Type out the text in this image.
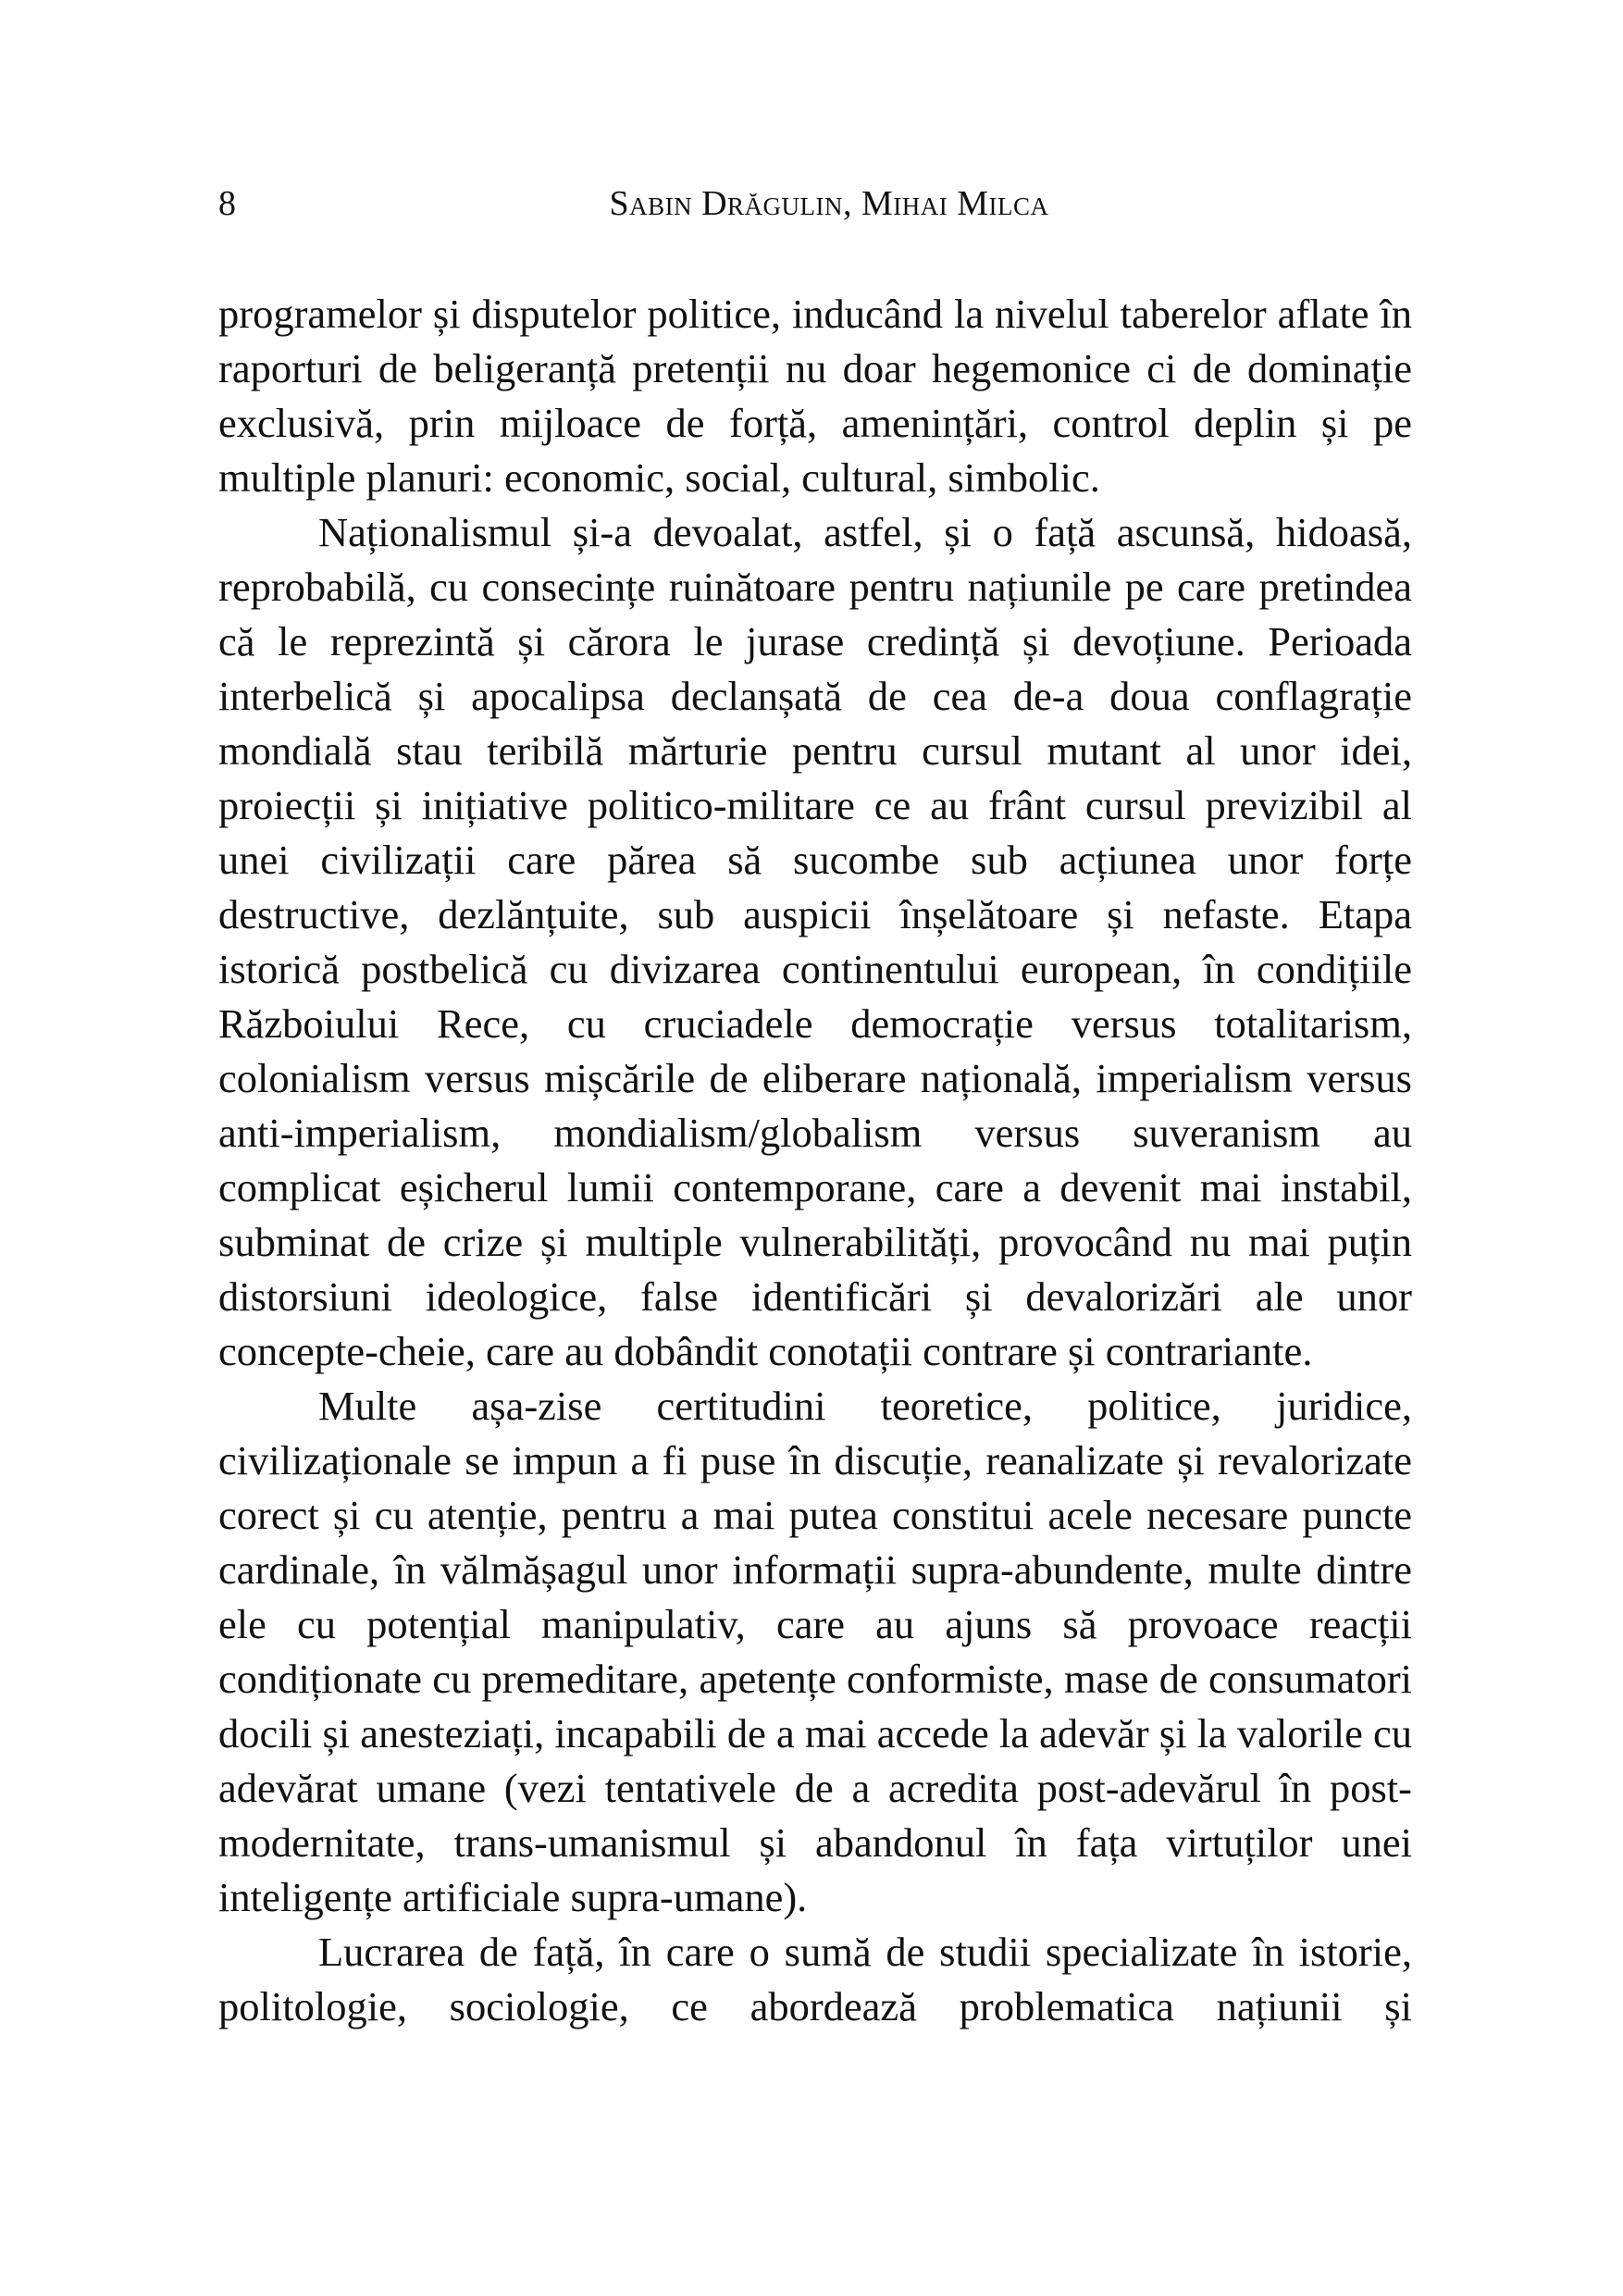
8	Sabin Drăgulin, Mihai Milca

programelor și disputelor politice, inducând la nivelul taberelor aflate în raporturi de beligeranță pretenții nu doar hegemonice ci de dominație exclusivă, prin mijloace de forță, amenințări, control deplin și pe multiple planuri: economic, social, cultural, simbolic.

Naționalismul și-a devoalat, astfel, și o față ascunsă, hidoasă, reprobabilă, cu consecințe ruinătoare pentru națiunile pe care pretindea că le reprezintă și cărora le jurase credință și devoțiune. Perioada interbelică și apocalipsa declanșată de cea de-a doua conflagrație mondială stau teribilă mărturie pentru cursul mutant al unor idei, proiecții și inițiative politico-militare ce au frânt cursul previzibil al unei civilizații care părea să sucombe sub acțiunea unor forțe destructive, dezlănțuite, sub auspicii înșelătoare și nefaste. Etapa istorică postbelică cu divizarea continentului european, în condițiile Războiului Rece, cu cruciadele democrație versus totalitarism, colonialism versus mișcările de eliberare națională, imperialism versus anti-imperialism, mondialism/globalism versus suveranism au complicat eșicherul lumii contemporane, care a devenit mai instabil, subminat de crize și multiple vulnerabilități, provocând nu mai puțin distorsiuni ideologice, false identificări și devalorizări ale unor concepte-cheie, care au dobândit conotații contrare și contrariante.

Multe așa-zise certitudini teoretice, politice, juridice, civilizaționale se impun a fi puse în discuție, reanalizate și revalorizate corect și cu atenție, pentru a mai putea constitui acele necesare puncte cardinale, în vălmășagul unor informații supra-abundente, multe dintre ele cu potențial manipulativ, care au ajuns să provoace reacții condiționate cu premeditare, apetențe conformiste, mase de consumatori docili și anesteziați, incapabili de a mai accede la adevăr și la valorile cu adevărat umane (vezi tentativele de a acredita post-adevărul în post-modernitate, trans-umanismul și abandonul în fața virtuților unei inteligențe artificiale supra-umane).

Lucrarea de față, în care o sumă de studii specializate în istorie, politologie, sociologie, ce abordează problematica națiunii și
